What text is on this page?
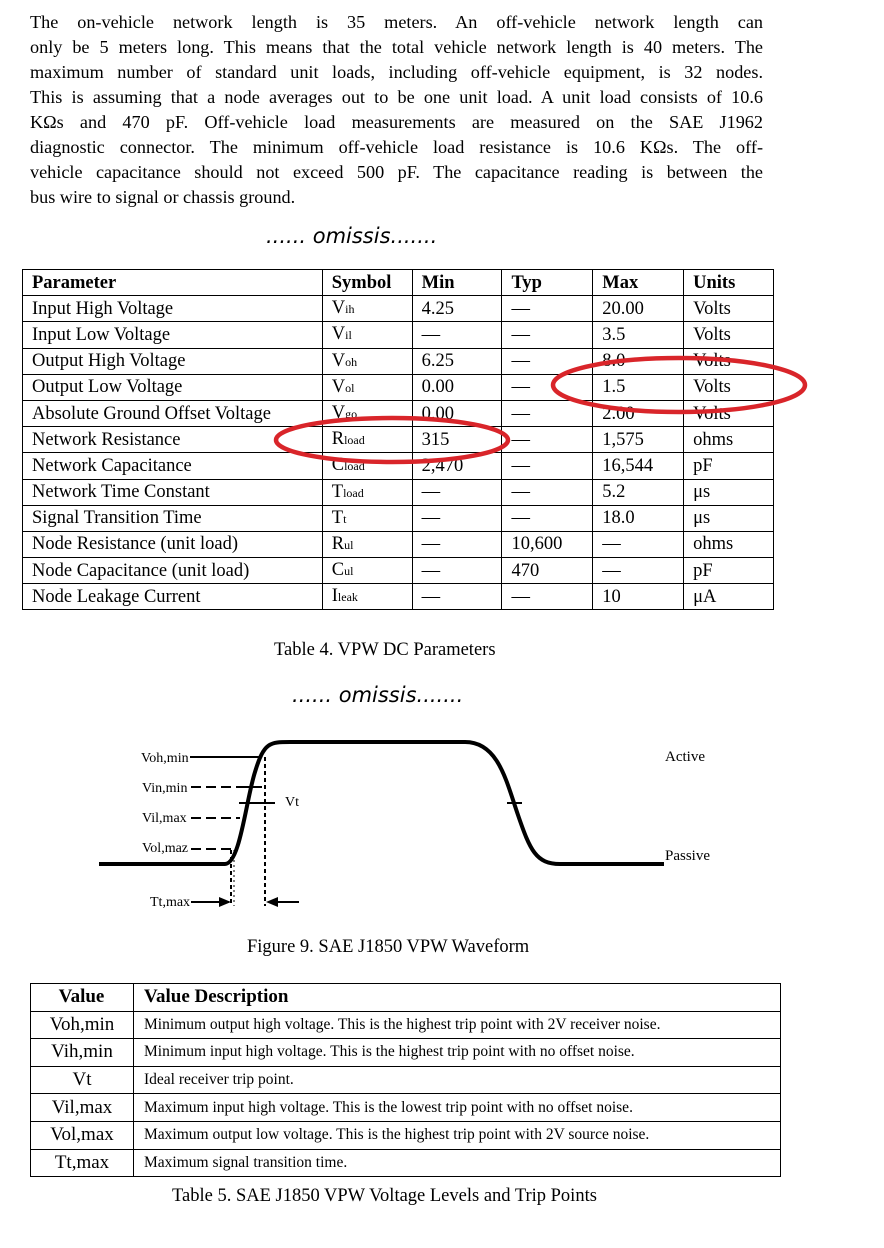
The on-vehicle network length is 35 meters. An off-vehicle network length can
only be 5 meters long. This means that the total vehicle network length is 40 meters. The
maximum number of standard unit loads, including off-vehicle equipment, is 32 nodes.
This is assuming that a node averages out to be one unit load. A unit load consists of 10.6
KΩs and 470 pF. Off-vehicle load measurements are measured on the SAE J1962
diagnostic connector. The minimum off-vehicle load resistance is 10.6 KΩs. The off-
vehicle capacitance should not exceed 500 pF. The capacitance reading is between the
bus wire to signal or chassis ground.
...... omissis.......
Parameter	Symbol	Min	Typ	Max	Units
Input High Voltage	Vih	4.25	—	20.00	Volts
Input Low Voltage	Vil	—	—	3.5	Volts
Output High Voltage	Voh	6.25	—	8.0	Volts
Output Low Voltage	Vol	0.00	—	1.5	Volts
Absolute Ground Offset Voltage	Vgo	0.00	—	2.00	Volts
Network Resistance	Rload	315	—	1,575	ohms
Network Capacitance	Cload	2,470	—	16,544	pF
Network Time Constant	Tload	—	—	5.2	μs
Signal Transition Time	Tt	—	—	18.0	μs
Node Resistance (unit load)	Rul	—	10,600	—	ohms
Node Capacitance (unit load)	Cul	—	470	—	pF
Node Leakage Current	Ileak	—	—	10	μA
Table 4. VPW DC Parameters
...... omissis.......
Voh,min
Vin,min
Vil,max
Vol,maz
Vt
Tt,max
Active
Passive
Figure 9. SAE J1850 VPW Waveform
Value	Value Description
Voh,min	Minimum output high voltage. This is the highest trip point with 2V receiver noise.
Vih,min	Minimum input high voltage. This is the highest trip point with no offset noise.
Vt	Ideal receiver trip point.
Vil,max	Maximum input high voltage. This is the lowest trip point with no offset noise.
Vol,max	Maximum output low voltage. This is the highest trip point with 2V source noise.
Tt,max	Maximum signal transition time.
Table 5. SAE J1850 VPW Voltage Levels and Trip Points
